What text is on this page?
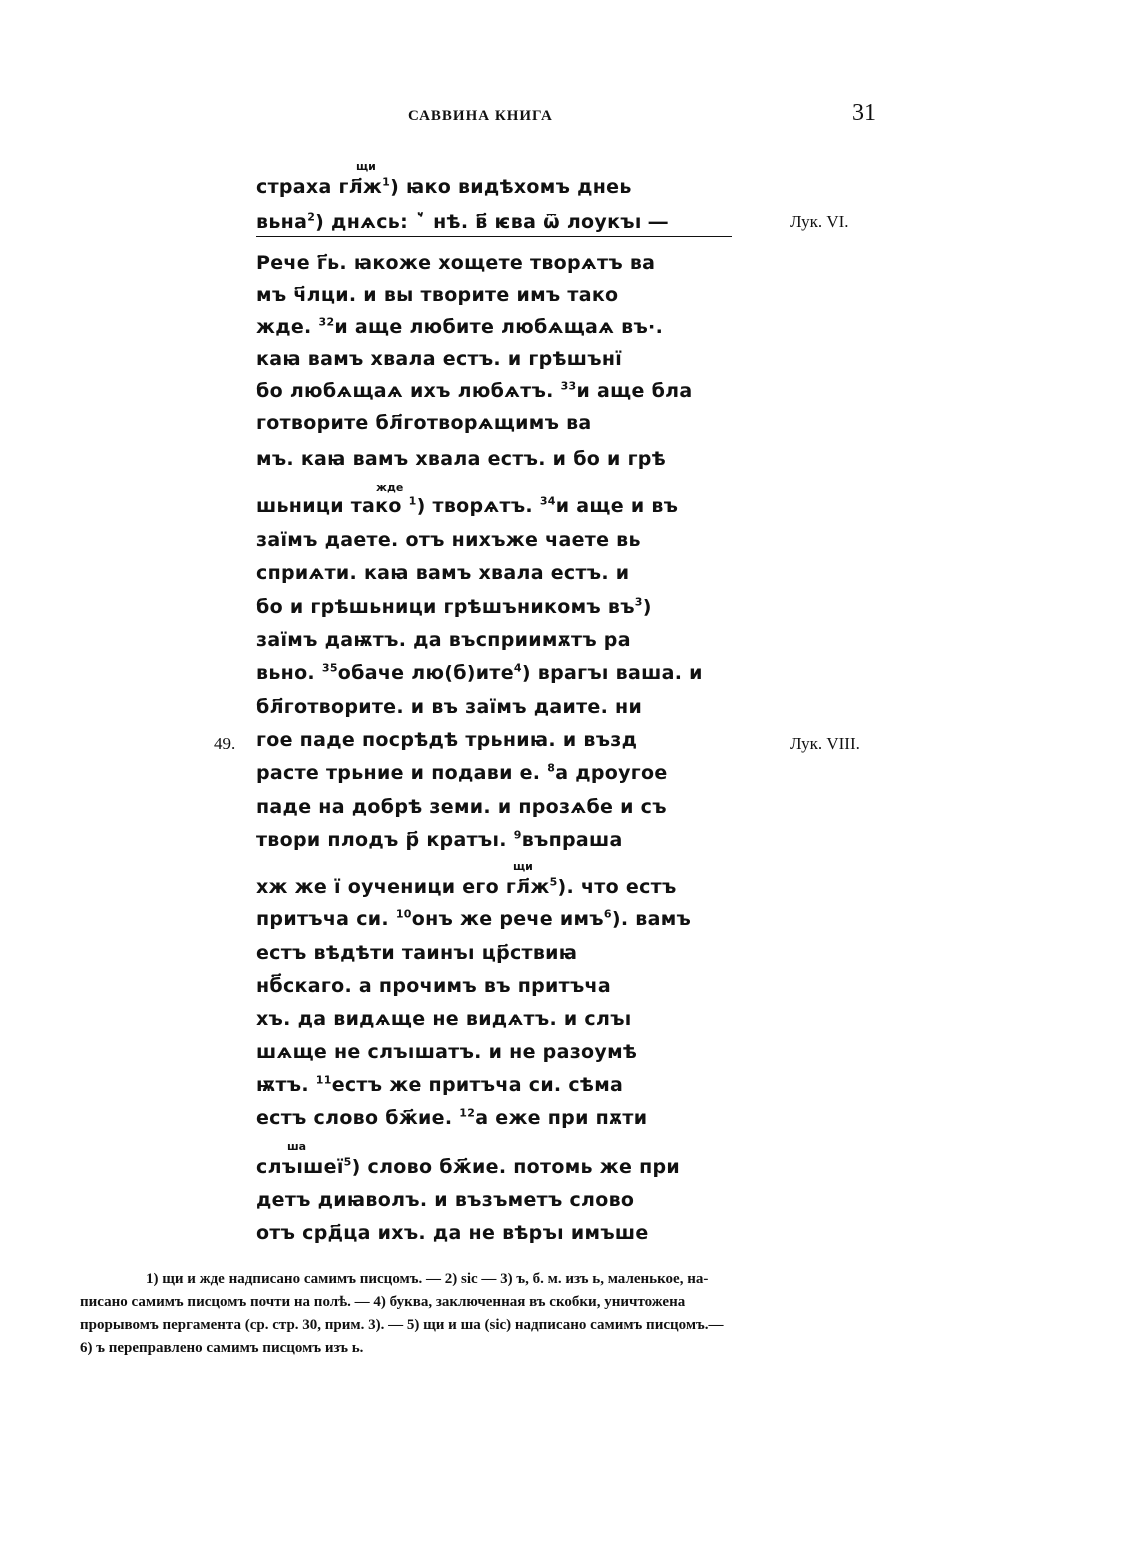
САВВИНА КНИГА	31
щи
жде
щи
ша
Лук. VI.
Лук. VIII.
49.
страха $гл҃ж^1$) ꙗко видѣхомъ днеь
вьна$^2$) днѧсь: ꙿ нѣ. в҃ ѥва ѿ лоукъı ―
Рече г҃ь. ꙗкоже хощете творѧтъ ва
мъ ч҃лци. и вы творите имъ тако
жде. $^{32}$и аще любите любѧщаѧ въ·.
каꙗ вамъ хвала естъ. и грѣшънї
бо любѧщаѧ ихъ любѧтъ. $^{33}$и аще бла
готворите бл҃готворѧщимъ ва
мъ. каꙗ вамъ хвала естъ. и бо и грѣ
шьници тако $^1$) творѧтъ. $^{34}$и аще и въ
заїмъ даете. отъ нихъже чаете вь
сприѧти. каꙗ вамъ хвала естъ. и
бо и грѣшьници грѣшъникомъ $въ^3$)
заїмъ даѭтъ. да въсприимѫтъ ра
вьно. $^{35}$обаче лю(б)ите$^4$) врагъı ваша. и
бл҃готворите. и въ заїмъ даите. ни
гое паде посрѣдѣ трьниꙗ. и възд
расте трьние и подави е. $^8$а дроугое
паде на добрѣ земи. и прозѧбе и съ
твори плодъ р҃ кратъı. $^9$въпраша
хж же ї оученици его $гл҃ж^5$). что естъ
притъча си. $^{10}$онъ же рече имъ$^6$). вамъ
естъ вѣдѣти таинъı цр҃ствиꙗ
нб҃скаго. а прочимъ въ притъча
хъ. да видѧще не видѧтъ. и слъı
шѧще не слъıшатъ. и не разоумѣ
ѭтъ. $^{11}$естъ же притъча си. сѣма
естъ слово бж҃ие. $^{12}$а еже при пѫти
слъıшеї$^5$) слово бж҃ие. потомь же при
детъ диꙗволъ. и възъметъ слово
отъ срд҃ца ихъ. да не вѣръı имъше
1) щи и жде надписано самимъ писцомъ. — 2) sic — 3) ъ, б. м. изъ ь, маленькое, на-
писано самимъ писцомъ почти на полѣ. — 4) буква, заключенная въ скобки, уничтожена
прорывомъ пергамента (ср. стр. 30, прим. 3). — 5) щи и ша (sic) надписано самимъ писцомъ.—
6) ъ переправлено самимъ писцомъ изъ ь.
